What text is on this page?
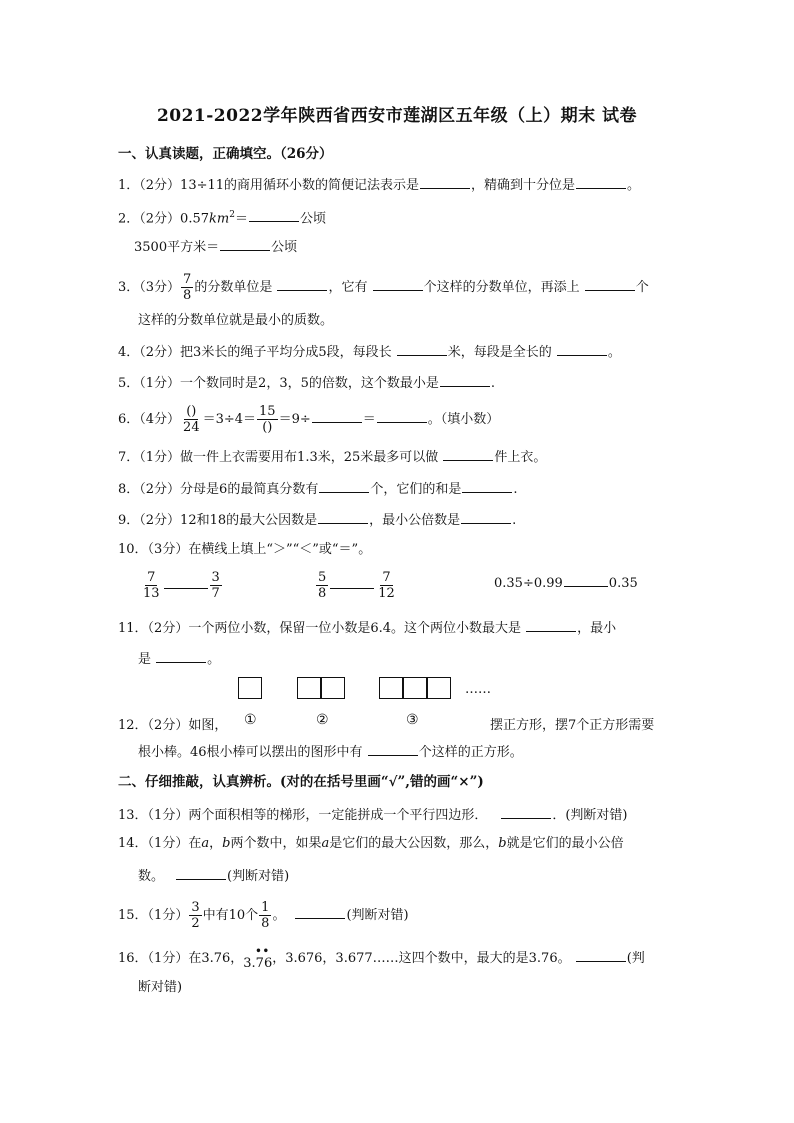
2021-2022学年陕西省西安市莲湖区五年级（上）期末 试卷
一、认真读题，正确填空。（26分）
1．（2分）13÷11的商用循环小数的简便记法表示是	，精确到十分位是	。
2．（2分）$0.57km^2=$	公顷
3500平方米＝	公顷
3．（3分） $\frac{7}{8}$ 的分数单位是	，它有	个这样的分数单位，再添上	个
这样的分数单位就是最小的质数。
4．（2分）把3米长的绳子平均分成5段，每段长	米，每段是全长的	。
5．（1分）一个数同时是2，3，5的倍数，这个数最小是	.
6．（4分） $\frac{()}{24} =3\div 4= \frac{15}{()} =9\div$	＝	。（填小数）
7．（1分）做一件上衣需要用布1.3米，25米最多可以做	件上衣。
8．（2分）分母是6的最简真分数有	个，它们的和是	.
9．（2分）12和18的最大公因数是	，最小公倍数是	.
10．（3分）在横线上填上“＞”“＜”或“＝”。
$\frac{7}{13}$	$\frac{3}{7}$	$\frac{5}{8}$	$\frac{7}{12}$	0.35÷0.99	0.35
11．（2分）一个两位小数，保留一位小数是6.4。这个两位小数最大是	，最小
是	。
……
12．（2分）如图， ①	②	③	摆正方形，摆7个正方形需要
根小棒。46根小棒可以摆出的图形中有	个这样的正方形。
二、仔细推敲，认真辨析。(对的在括号里画“√”,错的画“×”)
13．（1分）两个面积相等的梯形，一定能拼成一个平行四边形．	．(判断对错)
14．（1分）在a，b两个数中，如果a是它们的最大公因数，那么，b就是它们的最小公倍
数。	(判断对错)
15．（1分） $\frac{3}{2}$ 中有10个 $\frac{1}{8}$ 。	(判断对错)
16．（1分）在3.76， ••
3.76，3.676，3.677……这四个数中，最大的是3.76。	(判
断对错)
